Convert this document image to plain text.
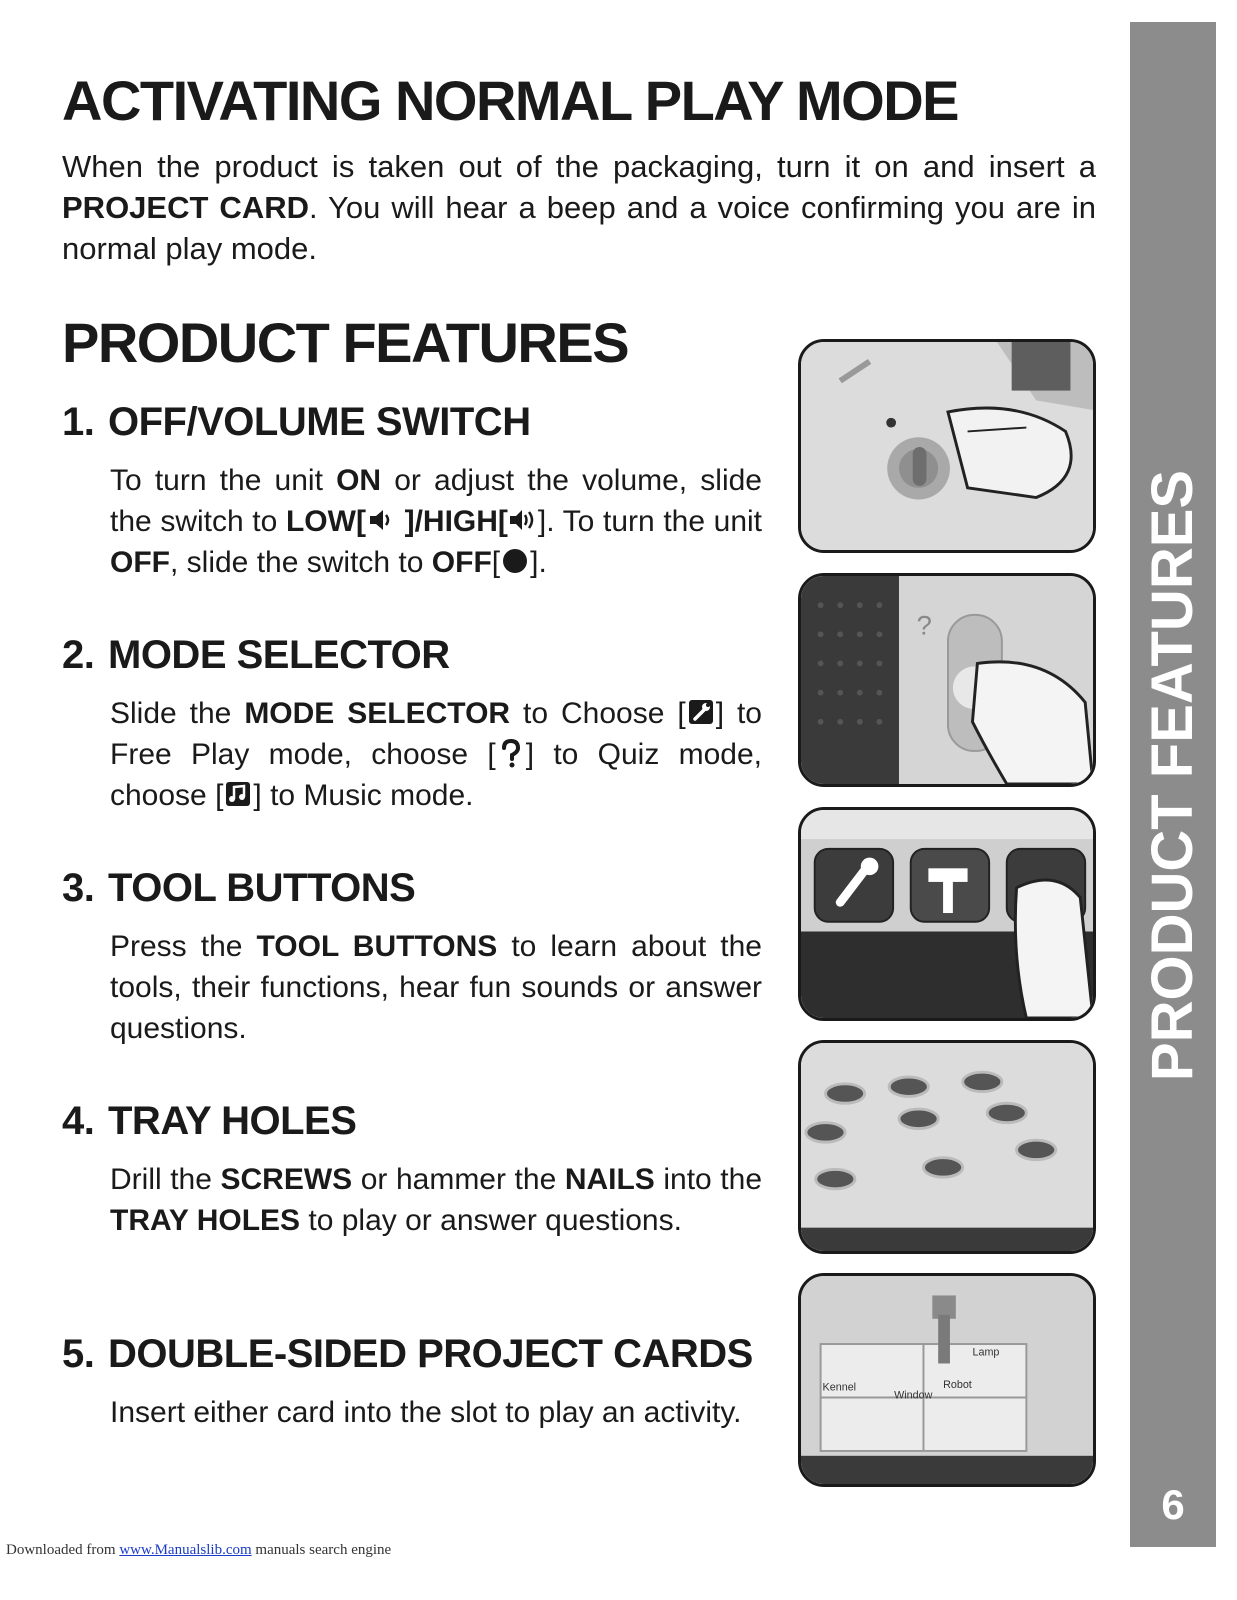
ACTIVATING NORMAL PLAY MODE

When the product is taken out of the packaging, turn it on and insert a PROJECT CARD. You will hear a beep and a voice confirming you are in normal play mode.

PRODUCT FEATURES
1. OFF/VOLUME SWITCH

To turn the unit ON or adjust the volume, slide the switch to LOW[
]/HIGH[ ]. To turn the unit OFF, slide the switch to OFF[ ].

2. MODE SELECTOR

Slide the MODE SELECTOR to Choose [ ] to Free Play mode, choose [ ] to Quiz mode, choose [ ] to Music mode.

3. TOOL BUTTONS

Press the TOOL BUTTONS to learn about the tools, their functions, hear fun sounds or answer questions.

4. TRAY HOLES

Drill the SCREWS or hammer the NAILS into the TRAY HOLES to play or answer questions.

5. DOUBLE-SIDED PROJECT CARDS

Insert either card into the slot to play an activity.

?
Kennel
Window
Robot
Lamp
PRODUCT FEATURES
6
Downloaded from www.Manualslib.com manuals search engine
